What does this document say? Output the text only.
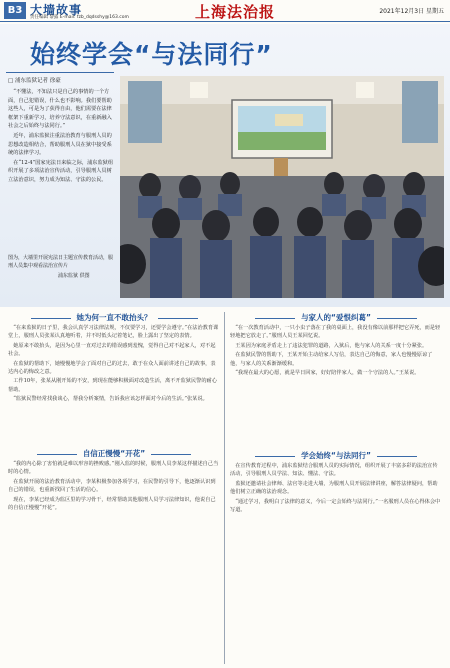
B3 大墙故事
责任编辑 黎露 E-mail: fzb_dqdsshy@163.com	上海法治报	2021年12月3日 星期五
始终学会“与法同行”
□ 浦东监狱记者 徐豪

“不懂法，不知法只是自己的事情的一个方面，自己犯错误，什么也不影响。我们要帮助这些人，可是为了获得自由，他们需要在法律框架下重新学习，培养守法意识，在重新融入社会之后始终与法同行。”

近年，浦东监狱注重法治教育与服刑人员的思想改造相结合，帮助服刑人员在狱中接受系统的法律学习。

在“12·4”国家宪法日来临之际，浦东监狱组织开展了多项法治宣传活动，引导服刑人员树立法治意识，努力成为知法、守法的公民。

图为，大墙里开展宪法日主题宣传教育活动，服刑人员集中观看法治宣传片
浦东监狱 供图
她为何一直不敢抬头？

“在来监狱的日子里，我会认真学习法律法规，不仅要学习，还要学会遵守。”在法治教育课堂上，服刑人员张某认真地听着，并不时低头记着笔记，脸上露出了坚定的表情。

她原来不敢抬头，是因为心里一直对过去的错误感到羞愧，觉得自己对不起家人，对不起社会。

在监狱的帮助下，她慢慢地学会了面对自己的过去，敢于在众人面前讲述自己的故事，表达内心的悔改之意。

工作10年，张某从刚开始的不安，到现在能够积极面对改造生活，离不开监狱民警的耐心帮助。

“监狱民警经常找我谈心，帮我分析案情，告诉我应该怎样面对今后的生活。”张某说。

自信正慢慢“开花”

“我的内心除了害怕就是难以形容的挫败感。”刚入监的时候，服刑人员李某这样描述自己当时的心情。

在监狱开展的法治教育活动中，李某积极参加各项学习，在民警的引导下，他逐渐认识到自己的错误，也重新找回了生活的信心。

现在，李某已经成为监区里的学习骨干，经常帮助其他服刑人员学习法律知识，他说自己的自信正慢慢“开花”。

与家人的“爱恨纠葛”

“在一次教育活动中，一只小虫子落在了我的桌面上，我没有像以前那样把它弄死，而是轻轻地把它放走了。”服刑人员王某回忆说。

王某因为家庭矛盾走上了违法犯罪的道路，入狱后，他与家人的关系一度十分紧张。

在监狱民警的帮助下，王某开始主动给家人写信，表达自己的悔意，家人也慢慢原谅了他，与家人的关系渐渐缓和。

“我现在最大的心愿，就是早日回家，好好陪伴家人，做一个守法的人。”王某说。

学会始终“与法同行”

在宣传教育过程中，浦东监狱结合服刑人员的实际情况，组织开展了丰富多彩的法治宣传活动，引导服刑人员学法、知法、懂法、守法。

监狱还邀请社会律师、法官等走进大墙，为服刑人员开展法律讲座，解答法律疑问，帮助他们树立正确的法治观念。

“通过学习，我明白了法律的意义，今后一定会始终与法同行。”一名服刑人员在心得体会中写道。
